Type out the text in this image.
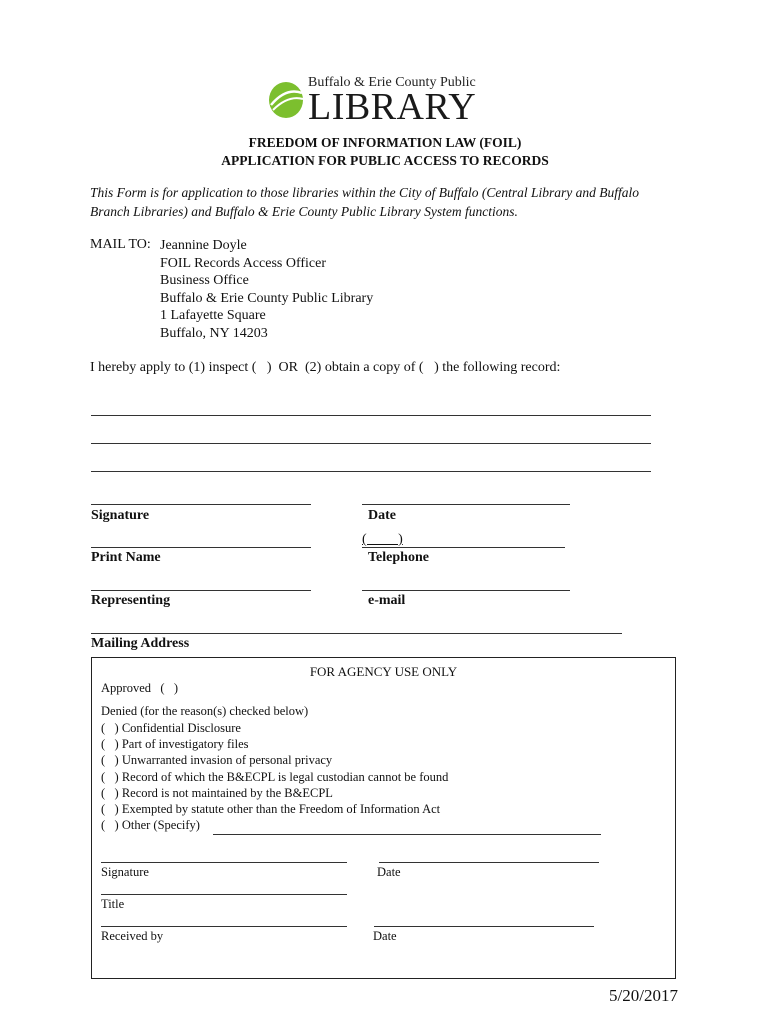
Buffalo & Erie County Public
LIBRARY
FREEDOM OF INFORMATION LAW (FOIL)
APPLICATION FOR PUBLIC ACCESS TO RECORDS
This Form is for application to those libraries within the City of Buffalo (Central Library and Buffalo
Branch Libraries) and Buffalo & Erie County Public Library System functions.
MAIL TO: Jeannine Doyle
FOIL Records Access Officer
Business Office
Buffalo & Erie County Public Library
1 Lafayette Square
Buffalo, NY 14203
I hereby apply to (1) inspect (   )  OR  (2) obtain a copy of (   ) the following record:
Signature	Date
(         )
Print Name	Telephone
Representing	e-mail
Mailing Address
FOR AGENCY USE ONLY
Approved   (   )
Denied (for the reason(s) checked below)
(   ) Confidential Disclosure
(   ) Part of investigatory files
(   ) Unwarranted invasion of personal privacy
(   ) Record of which the B&ECPL is legal custodian cannot be found
(   ) Record is not maintained by the B&ECPL
(   ) Exempted by statute other than the Freedom of Information Act
(   ) Other (Specify)
Signature	Date
Title
Received by	Date
5/20/2017
